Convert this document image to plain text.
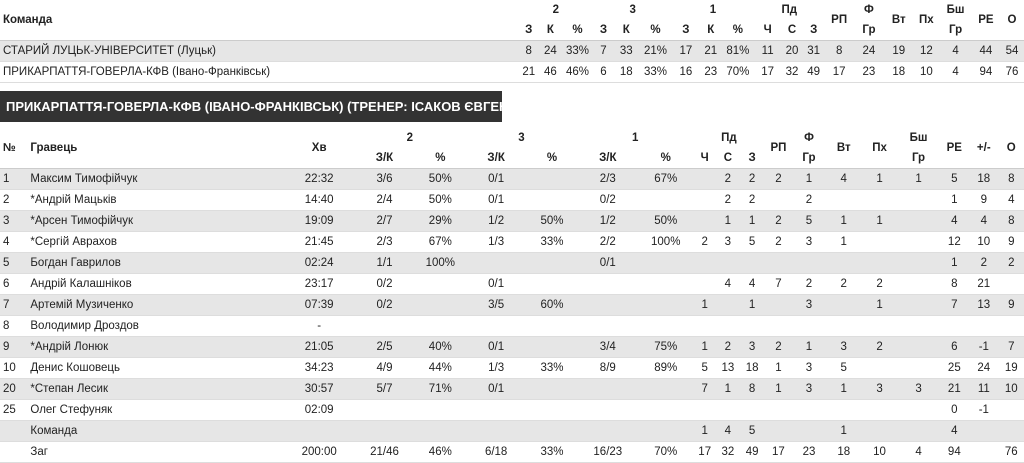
Команда	2			3			1			Пд			РП	Ф	Вт	Пх	Бш	РЕ	О
	З	К	%	З	К	%	З	К	%	Ч	С	З		Гр			Гр		
СТАРИЙ ЛУЦЬК-УНІВЕРСИТЕТ (Луцьк)	8	24	33%	7	33	21%	17	21	81%	11	20	31	8	24	19	12	4	44	54
ПРИКАРПАТТЯ-ГОВЕРЛА-КФВ (Івано-Франківськ)	21	46	46%	6	18	33%	16	23	70%	17	32	49	17	23	18	10	4	94	76
ПРИКАРПАТТЯ-ГОВЕРЛА-КФВ (ІВАНО-ФРАНКІВСЬК) (ТРЕНЕР: ІСАКОВ ЄВГЕНІЙ)
№	Гравець	Хв	2		3		1		Пд			РП	Ф	Вт	Пх	Бш	РЕ	+/-	О
			З/К	%	З/К	%	З/К	%	Ч	С	З		Гр			Гр			
1	Максим Тимофійчук	22:32	3/6	50%	0/1		2/3	67%		2	2	2	1	4	1	1	5	18	8
2	*Андрій Мацьків	14:40	2/4	50%	0/1		0/2			2	2		2				1	9	4
3	*Арсен Тимофійчук	19:09	2/7	29%	1/2	50%	1/2	50%		1	1	2	5	1	1		4	4	8
4	*Сергій Аврахов	21:45	2/3	67%	1/3	33%	2/2	100%	2	3	5	2	3	1			12	10	9
5	Богдан Гаврилов	02:24	1/1	100%			0/1										1	2	2
6	Андрій Калашніков	23:17	0/2		0/1					4	4	7	2	2	2		8	21	
7	Артемій Музиченко	07:39	0/2		3/5	60%			1		1		3		1		7	13	9
8	Володимир Дроздов	-																	
9	*Андрій Лонюк	21:05	2/5	40%	0/1		3/4	75%	1	2	3	2	1	3	2		6	-1	7
10	Денис Кошовець	34:23	4/9	44%	1/3	33%	8/9	89%	5	13	18	1	3	5			25	24	19
20	*Степан Лесик	30:57	5/7	71%	0/1				7	1	8	1	3	1	3	3	21	11	10
25	Олег Стефуняк	02:09															0	-1	
	Команда								1	4	5			1			4		
	Заг	200:00	21/46	46%	6/18	33%	16/23	70%	17	32	49	17	23	18	10	4	94		76
